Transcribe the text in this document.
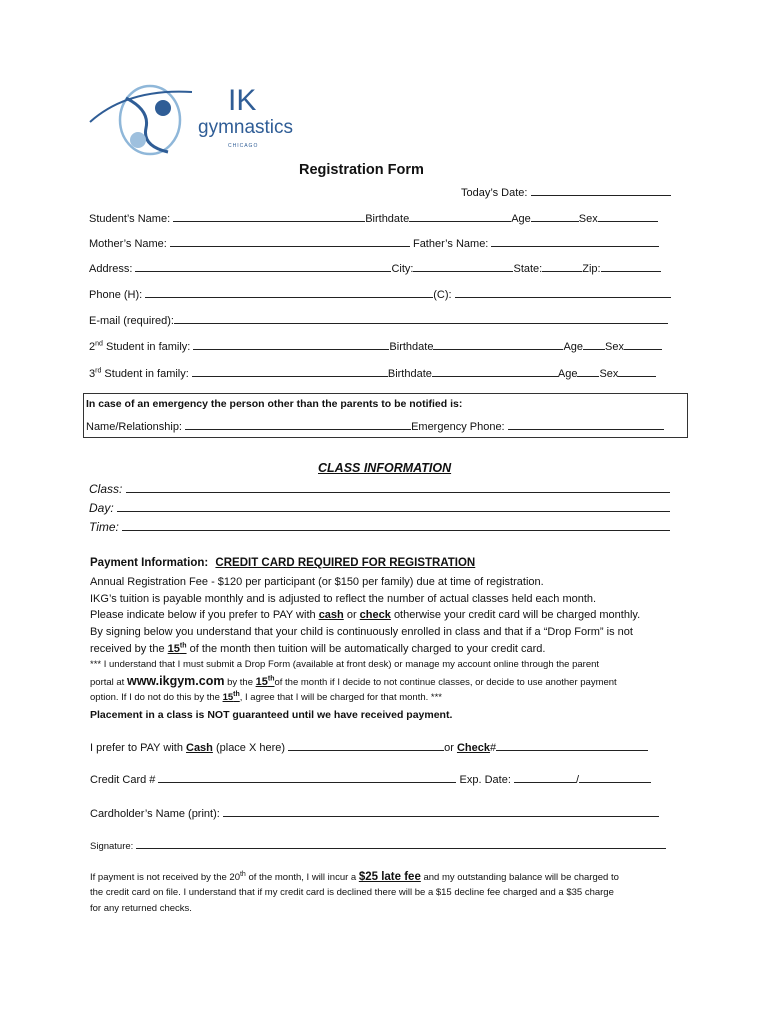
IK
gymnastics
CHICAGO
Registration Form
Today’s Date:
Student’s Name:	Birthdate	Age	Sex
Mother’s Name:	Father’s Name:
Address:	City:	State:	Zip:
Phone (H):	(C):
E-mail (required):
2nd Student in family:	Birthdate	Age Sex
3rd Student in family:	Birthdate	Age Sex
In case of an emergency the person other than the parents to be notified is:
Name/Relationship:	Emergency Phone:
CLASS INFORMATION
Class:
Day:
Time:
Payment Information: CREDIT CARD REQUIRED FOR REGISTRATION
Annual Registration Fee - $120 per participant (or $150 per family) due at time of registration.
IKG’s tuition is payable monthly and is adjusted to reflect the number of actual classes held each month.
Please indicate below if you prefer to PAY with cash or check otherwise your credit card will be charged monthly.
By signing below you understand that your child is continuously enrolled in class and that if a “Drop Form” is not
received by the 15th of the month then tuition will be automatically charged to your credit card.
*** I understand that I must submit a Drop Form (available at front desk) or manage my account online through the parent
portal at www.ikgym.com by the 15thof the month if I decide to not continue classes, or decide to use another payment
option. If I do not do this by the 15th, I agree that I will be charged for that month. ***
Placement in a class is NOT guaranteed until we have received payment.
I prefer to PAY with Cash (place X here)	or Check#
Credit Card #	Exp. Date:	/
Cardholder’s Name (print):
Signature:
If payment is not received by the 20th of the month, I will incur a $25 late fee and my outstanding balance will be charged to
the credit card on file. I understand that if my credit card is declined there will be a $15 decline fee charged and a $35 charge
for any returned checks.
